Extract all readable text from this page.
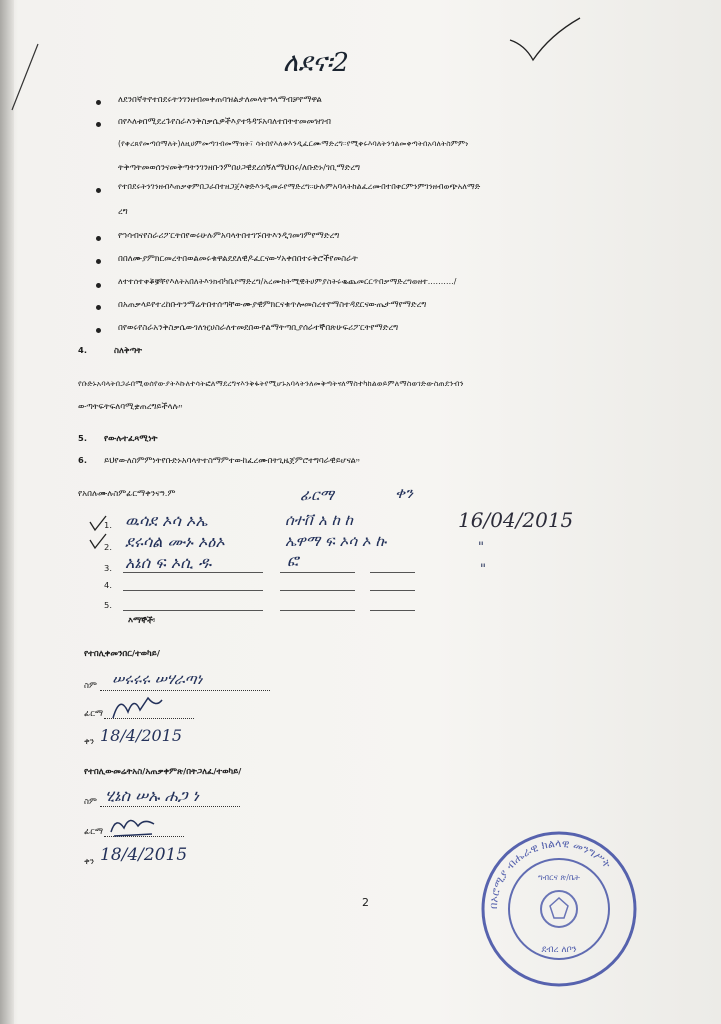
ለደና፡2
ለደንበኛትየተበደሩትንገንዘብመቀጠባዝልታለመላትዓላማብቻየማዋል
በየእለቱበሚደረጉየስራእንቅስቃሴዎችእያተጓዳኙአባለተበትተመመዝገብ
(የቀረጸየመጣበማለት)ለዚሀምመጣገብመማዝት፣ ሳትበየእለቱእንዲፈርሙማድረግ።የሚቀሩእባለትንጎልመቀጣትበአባለትስምምነ
ትቅጣትመወሰንናመቅጣትንገንዘቡንምበሀጋዊደረሰኝለማህበሩ/ለቡድኑ/ገቢማድረግ
የተበደሩትንገንዘብእጠቃቀምበጋራበተዘጋጀእቅድእንዲመራየማድረግ።ሁሉምአባላትከልፈረሙበተበቀርምንምገንዘብወጭአለማድ
ረግ
የኀሳብናየስራሪፖርትበየወሩሁሉምአባላትበተገኙበትእንዲገመገምየማድረግ
በበለሙያምክርመረትበወልመሩቁዋልደደለዊዶፈርናውሃአቀበበተሩቅሮችየመስራት
ለተተሰተቀቖቛቸየእለትአበለትእንክብካቤየማድረግ/አረሙከትሚዊትሀምያስትሩቈጨመርርጥበቃማድረግወዘተ........../
በአጠቃላይየተረከቡትንማሬትበተሰጣቸውሙያዊምክርናቁጥሎመስረተየማስተዳደርናውጤታማየማድረግ
በየወሩየስራአንቅስቃሴውገለዢሀስራለተመደበውየልማትጣቢያሰራተኞበጽሁፍሪፖርትየማድረግ
4.	ስለቅጣት
የቡድኑአባላትበጋራበሚወሰየውያትእኩለተሳትፎለማደረግናእንቅፋትየሚሆኑአባላትንለመቅጣትናለማስተካከልወይምለማስወገድውስጠደንብን
ውጣትፍትፍለባሚቋጠረግይችላሉ።
5. የውሉተፈጻሚነት
6. ይህየውለስምምነትየቡድኑአባላትተስማምተውከፈረሙበትጊዜጀምሮተግባራዊይሆናል።
የአበሉሙሉስምፊርማቀንናዓ.ም	ፊርማ	ቀን
1. ዉሳደ ኦሳ ኦኤ	ሰተቨ አ ከ ከ	16/04/2015
2. ደሩሳል ሙኑ ኦዕኦ	ኤዋማ ፍ ኦሳ ኦ ኩ	"
3. አኔሰ ፍ ኦሲ ዱ	ፎ	"
4.
5.
እማኞች፡
የተበሊቀመንበር/ተወካይ/
ስም ሠሩሩሩ ሠሃራጣነ
ፊርማ
ቀን 18/4/2015
የተበሊውመሬትአስ/አጠቃቀምጽ/በትጋለፈ/ተወካይ/
ስም ሂኔስ ሠኡ ሐጋ ነ
ፊርማ
ቀን 18/4/2015
2	በኦሮሚያ ብሔራዊ ክልላዊ መንግሥት
ግብርና ጽ/ቤት
ደብረ ለቦን
